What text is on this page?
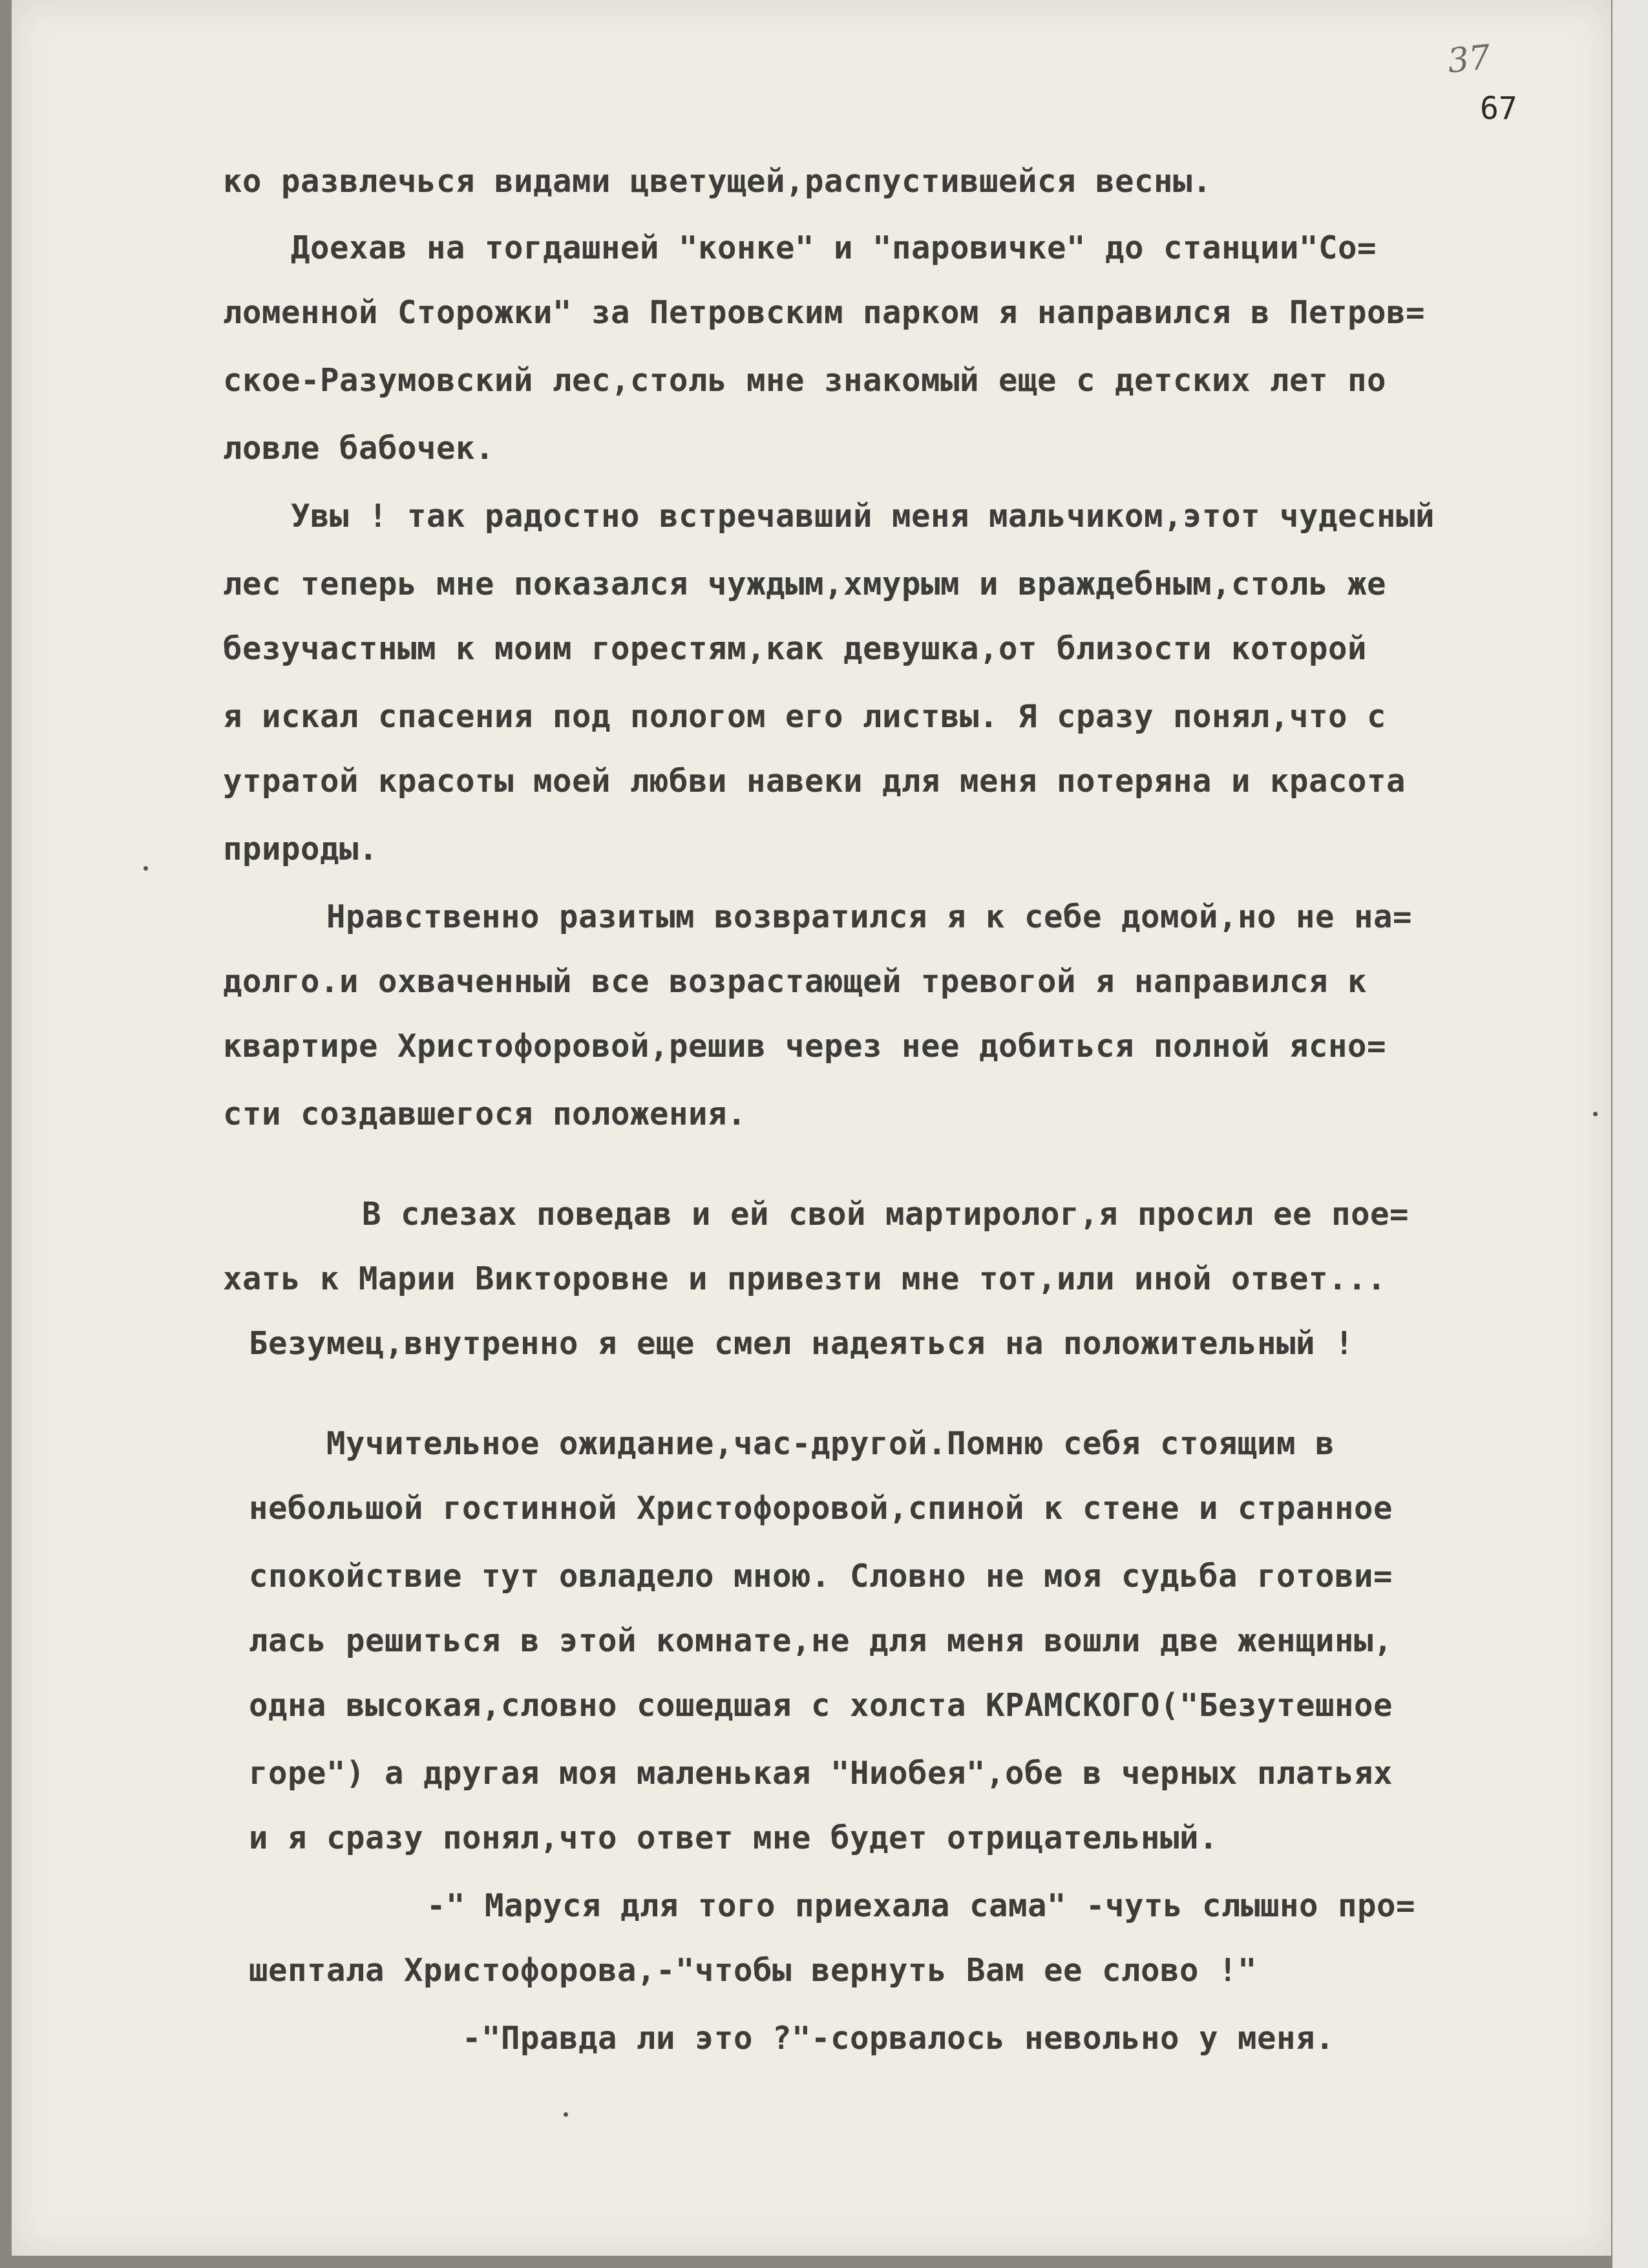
37
67

ко развлечься видами цветущей,распустившейся весны.

Доехав на тогдашней "конке" и "паровичке" до станции"Со=

ломенной Сторожки" за Петровским парком я направился в Петров=

ское-Разумовский лес,столь мне знакомый еще с детских лет по

ловле бабочек.

Увы ! так радостно встречавший меня мальчиком,этот чудесный

лес теперь мне показался чуждым,хмурым и враждебным,столь же

безучастным к моим горестям,как девушка,от близости которой

я искал спасения под пологом его листвы. Я сразу понял,что с

утратой красоты моей любви навеки для меня потеряна и красота

природы.

Нравственно разитым возвратился я к себе домой,но не на=

долго.и охваченный все возрастающей тревогой я направился к

квартире Христофоровой,решив через нее добиться полной ясно=

сти создавшегося положения.

В слезах поведав и ей свой мартиролог,я просил ее пое=

хать к Марии Викторовне и привезти мне тот,или иной ответ...

Безумец,внутренно я еще смел надеяться на положительный !

Мучительное ожидание,час-другой.Помню себя стоящим в

небольшой гостинной Христофоровой,спиной к стене и странное

спокойствие тут овладело мною. Словно не моя судьба готови=

лась решиться в этой комнате,не для меня вошли две женщины,

одна высокая,словно сошедшая с холста КРАМСКОГО("Безутешное

горе") а другая моя маленькая "Ниобея",обе в черных платьях

и я сразу понял,что ответ мне будет отрицательный.

-" Маруся для того приехала сама" -чуть слышно про=

шептала Христофорова,-"чтобы вернуть Вам ее слово !"

-"Правда ли это ?"-сорвалось невольно у меня.
